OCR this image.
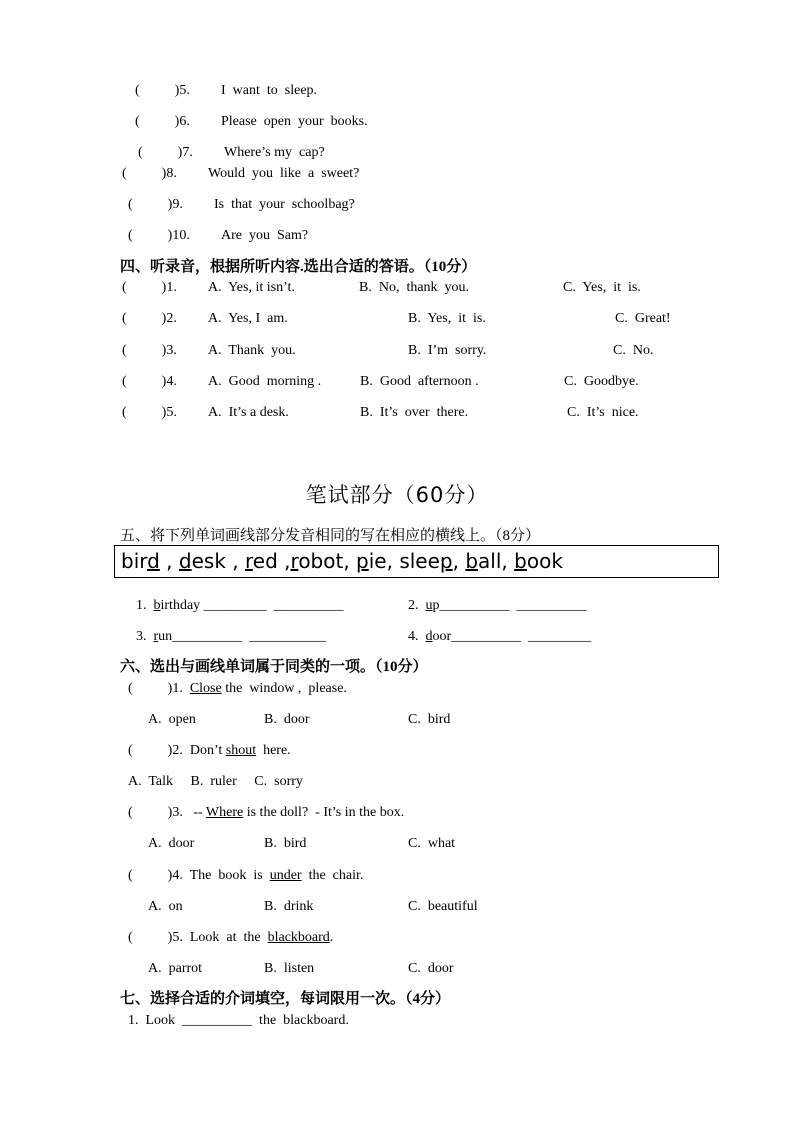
(          )5. I  want  to  sleep.
(          )6. Please  open  your  books.
(          )7. Where’s my  cap?
(          )8. Would  you  like  a  sweet?
(          )9. Is  that  your  schoolbag?
(          )10. Are  you  Sam?
四、听录音，根据所听内容.选出合适的答语。（10分）
(          )1. A.  Yes, it isn’t.	B.  No,  thank  you.	C.  Yes,  it  is.
(          )2. A.  Yes, I  am.	B.  Yes,  it  is.	C.  Great!
(          )3. A.  Thank  you.	B.  I’m  sorry.	C.  No.
(          )4. A.  Good  morning .	B.  Good  afternoon .	C.  Goodbye.
(          )5. A.  It’s a desk.	B.  It’s  over  there.	C.  It’s  nice.
笔试部分（60分）
五、将下列单词画线部分发音相同的写在相应的横线上。（8分）
bird , desk , red ,robot, pie, sleep, ball, book
1. birthday _________  __________	2. up__________  __________
3. run__________  ___________	4. door__________  _________
六、选出与画线单词属于同类的一项。（10分）
(          )1. Close the  window ,  please.
A.  open	B.  door	C.  bird
(          )2. Don’t shout  here.
A.  Talk     B.  ruler     C.  sorry
(          )3. -- Where is the doll?  - It’s in the box.
A.  door	B.  bird	C.  what
(          )4. The  book  is  under  the  chair.
A.  on	B.  drink	C.  beautiful
(          )5. Look  at  the  blackboard.
A.  parrot	B.  listen	C.  door
七、选择合适的介词填空，每词限用一次。（4分）
1.  Look  __________  the  blackboard.
